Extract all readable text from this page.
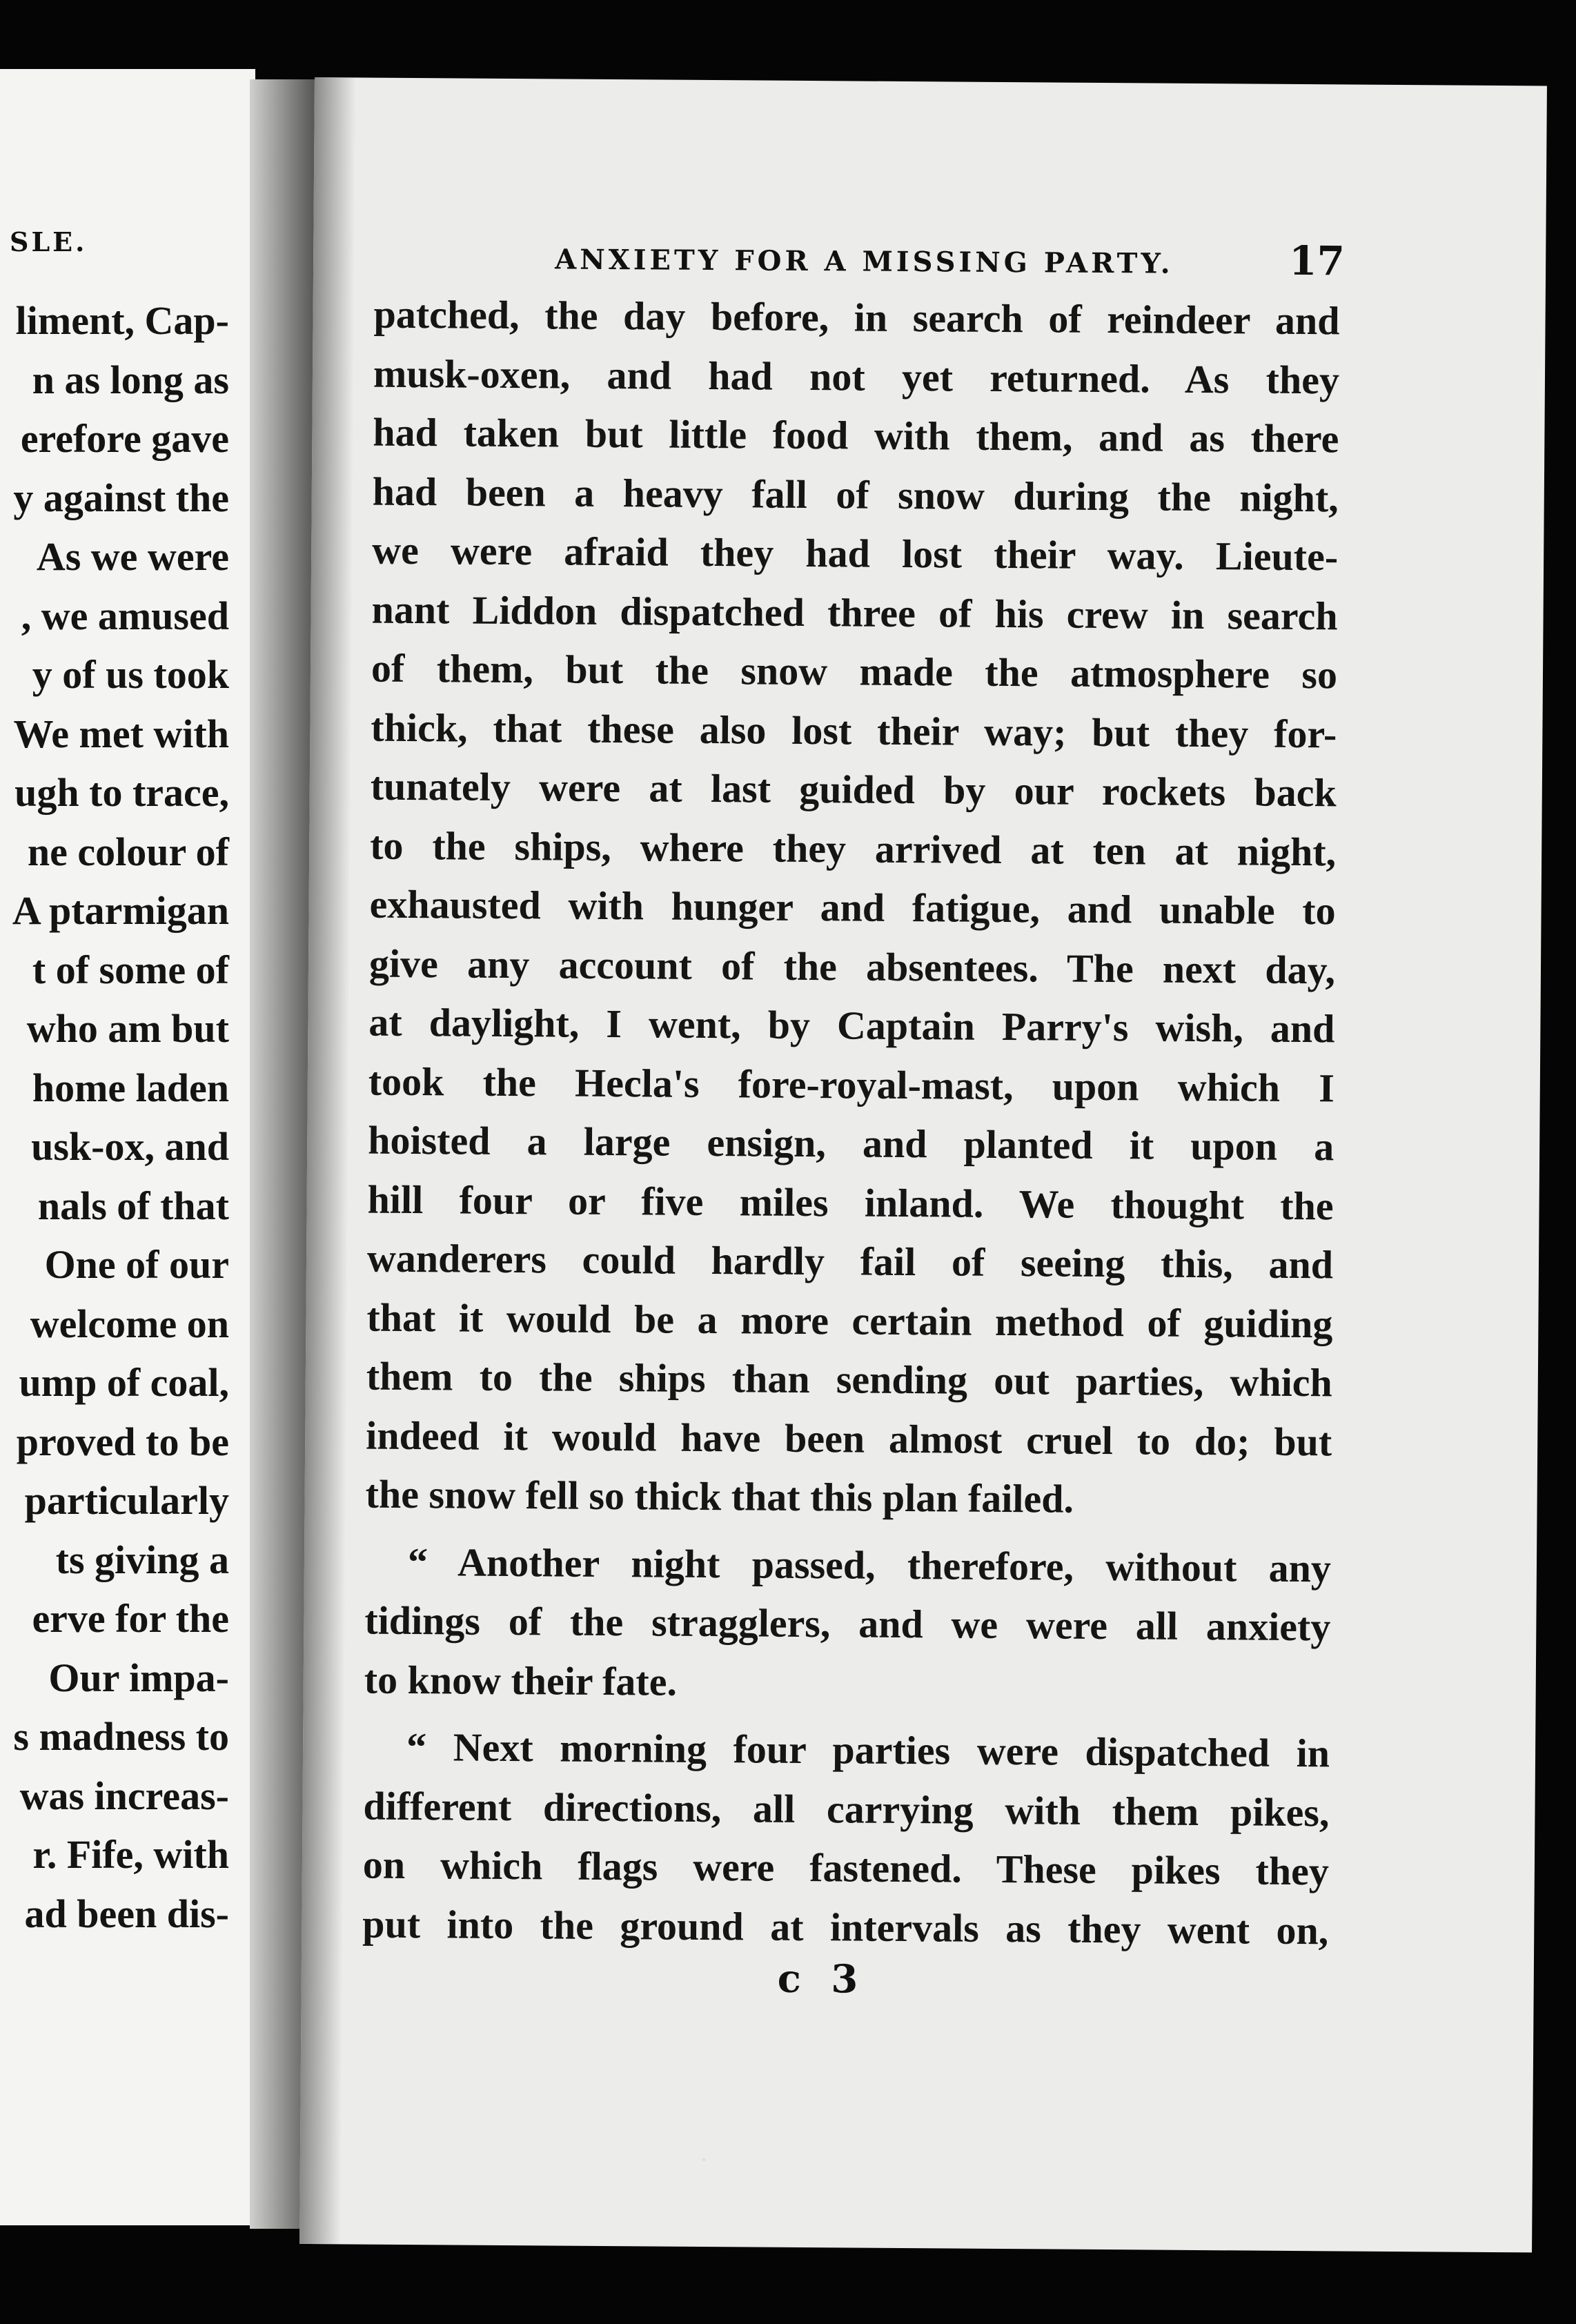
SLE.
liment, Cap-
n as long as
erefore gave
y against the
As we were
, we amused
y of us took
We met with
ugh to trace,
ne colour of
A ptarmigan
t of some of
who am but
home laden
usk-ox, and
nals of that
One of our
welcome on
ump of coal,
proved to be
particularly
ts giving a
erve for the
Our impa-
s madness to
was increas-
r. Fife, with
ad been dis-
ANXIETY FOR A MISSING PARTY.	17
patched, the day before, in search of reindeer and
musk-oxen, and had not yet returned. As they
had taken but little food with them, and as there
had been a heavy fall of snow during the night,
we were afraid they had lost their way. Lieute-
nant Liddon dispatched three of his crew in search
of them, but the snow made the atmosphere so
thick, that these also lost their way; but they for-
tunately were at last guided by our rockets back
to the ships, where they arrived at ten at night,
exhausted with hunger and fatigue, and unable to
give any account of the absentees. The next day,
at daylight, I went, by Captain Parry's wish, and
took the Hecla's fore-royal-mast, upon which I
hoisted a large ensign, and planted it upon a
hill four or five miles inland. We thought the
wanderers could hardly fail of seeing this, and
that it would be a more certain method of guiding
them to the ships than sending out parties, which
indeed it would have been almost cruel to do; but
the snow fell so thick that this plan failed.
“ Another night passed, therefore, without any
tidings of the stragglers, and we were all anxiety
to know their fate.
“ Next morning four parties were dispatched in
different directions, all carrying with them pikes,
on which flags were fastened. These pikes they
put into the ground at intervals as they went on,
c 3
